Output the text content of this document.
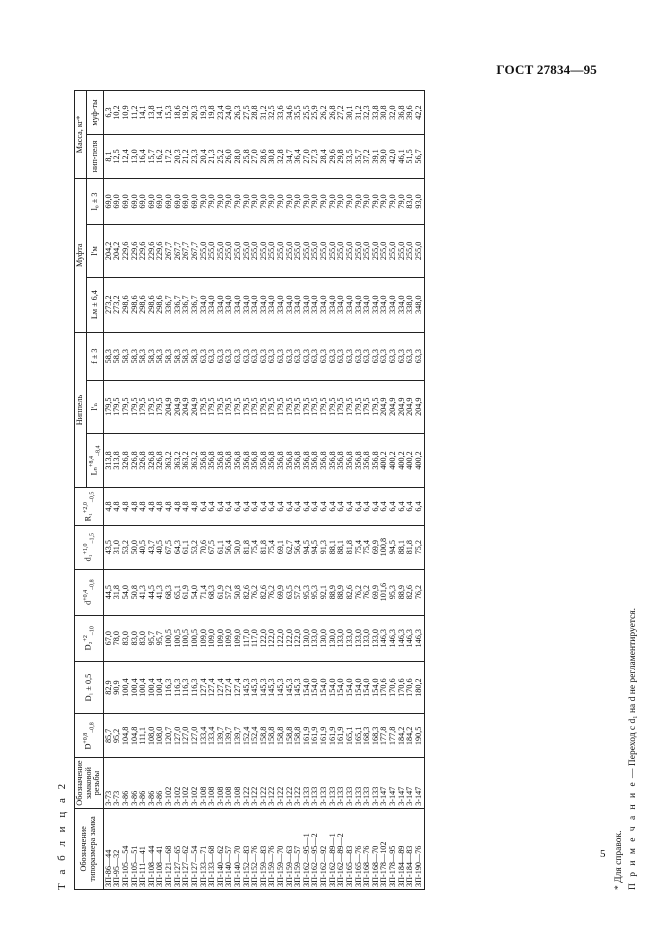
ГОСТ 27834—95
Т а б л и ц а 2 Обозначение типоразмера замка	Обозначение замковой резьбы	$D^{+0,8}_{-0,8}$	D₁ ± 0,5	D₂$^{+2}_{-10}$	$d^{+0,4}_{-0,8}$	d₁$^{+1,0}_{-1,5}$	R₁$^{+2,0}_{-0,5}$	Ниппель			Муфта			Масса, кг*	
								Lₙ$^{+8,4}_{-8,4}$	l′ₙ	f ± 3	Lм ± 6,4	l′м	l₀ ± 3	нип-пеля	муф-ты
ЗП-86—44	3-73	85,7	82,9	67,0	44,5	43,5	4,8	313,8	179,5	58,3	273,2	204,2	69,0	8,1	6,3
ЗП-95—32	3-73	95,2	90,9	78,0	31,8	31,0	4,8	313,8	179,5	58,3	273,2	204,2	69,0	12,5	10,2
ЗП-105—54	3-86	104,8	100,4	83,0	54,0	53,2	4,8	326,8	179,5	58,3	298,6	229,6	69,0	12,4	10,9
ЗП-105—51	3-86	104,8	100,4	83,0	50,8	50,0	4,8	326,8	179,5	58,3	298,6	229,6	69,0	13,0	11,2
ЗП-111—41	3-86	111,1	100,4	83,0	41,3	40,5	4,8	326,8	179,5	58,3	298,6	229,6	69,0	16,4	14,1
ЗП-108—44	3-86	108,0	100,4	95,7	44,5	43,7	4,8	326,8	179,5	58,3	298,6	229,6	69,0	15,7	13,8
ЗП-108—41	3-86	108,0	100,4	95,7	41,3	40,5	4,8	326,8	179,5	58,3	298,6	229,6	69,0	16,2	14,1
ЗП-121—68	3-102	120,7	116,3	100,5	68,3	67,5	4,8	363,2	204,9	58,3	336,7	267,7	69,0	17,2	15,3
ЗП-127—65	3-102	127,0	116,3	100,5	65,1	64,3	4,8	363,2	204,9	58,3	336,7	267,7	69,0	20,3	18,6
ЗП-127—62	3-102	127,0	116,3	100,5	61,9	61,1	4,8	363,2	204,9	58,3	336,7	267,7	69,0	21,2	19,2
ЗП-127—54	3-102	127,0	116,3	100,5	54,0	53,2	4,8	363,2	204,9	58,3	336,7	267,7	69,0	23,3	20,3
ЗП-133—71	3-108	133,4	127,4	109,0	71,4	70,6	6,4	356,8	179,5	63,3	334,0	255,0	79,0	20,4	19,3
ЗП-133—68	3-108	133,4	127,4	109,0	68,3	67,5	6,4	356,8	179,5	63,3	334,0	255,0	79,0	21,3	19,8
ЗП-140—62	3-108	139,7	127,4	109,0	61,9	61,1	6,4	356,8	179,5	63,3	334,0	255,0	79,0	25,2	23,4
ЗП-140—57	3-108	139,7	127,4	109,0	57,2	56,4	6,4	356,8	179,5	63,3	334,0	255,0	79,0	26,0	24,0
ЗП-140—70	3-108	139,7	127,4	109,0	50,8	50,0	6,4	356,8	179,5	63,3	334,0	255,0	79,0	28,0	26,3
ЗП-152—83	3-122	152,4	145,3	117,0	82,6	81,8	6,4	356,8	179,5	63,3	334,0	255,0	79,0	25,8	27,5
ЗП-152—76	3-122	152,4	145,3	117,0	76,2	75,4	6,4	356,8	179,5	63,3	334,0	255,0	79,0	27,0	28,8
ЗП-159—83	3-122	158,8	145,3	122,0	82,6	81,8	6,4	356,8	179,5	63,3	334,0	255,0	79,0	28,6	31,2
ЗП-159—76	3-122	158,8	145,3	122,0	76,2	75,4	6,4	356,8	179,5	63,3	334,0	255,0	79,0	30,8	32,5
ЗП-159—70	3-122	158,8	145,3	122,0	69,9	69,1	6,4	356,8	179,5	63,3	334,0	255,0	79,0	32,8	33,6
ЗП-159—63	3-122	158,8	145,3	122,0	63,5	62,7	6,4	356,8	179,5	63,3	334,0	255,0	79,0	34,7	34,6
ЗП-159—57	3-122	158,8	145,3	122,0	57,2	56,4	6,4	356,8	179,5	63,3	334,0	255,0	79,0	36,4	35,5
ЗП-162—95—1	3-133	161,9	154,0	130,0	95,3	94,5	6,4	356,8	179,5	63,3	334,0	255,0	79,0	27,0	25,5
ЗП-162—95—2	3-133	161,9	154,0	133,0	95,3	94,5	6,4	356,8	179,5	63,3	334,0	255,0	79,0	27,3	25,9
ЗП-162—92	3-133	161,9	154,0	130,0	92,1	91,3	6,4	356,8	179,5	63,3	334,0	255,0	79,0	28,4	26,2
ЗП-162—89—1	3-133	161,9	154,0	130,0	88,9	88,1	6,4	356,8	179,5	63,3	334,0	255,0	79,0	29,6	26,8
ЗП-162—89—2	3-133	161,9	154,0	133,0	88,9	88,1	6,4	356,8	179,5	63,3	334,0	255,0	79,0	29,8	27,2
ЗП-165—83	3-133	165,1	154,0	133,0	82,6	81,8	6,4	356,8	179,5	63,3	334,0	255,0	79,0	33,5	30,1
ЗП-165—76	3-133	165,1	154,0	133,0	76,2	75,4	6,4	356,8	179,5	63,3	334,0	255,0	79,0	35,7	31,2
ЗП-168—76	3-133	168,3	154,0	133,0	76,2	75,4	6,4	356,8	179,5	63,3	334,0	255,0	79,0	37,2	32,3
ЗП-168—70	3-133	168,3	154,0	133,0	69,9	69,9	6,4	356,8	179,5	63,3	334,0	255,0	79,0	39,1	33,8
ЗП-178—102	3-147	177,8	170,6	146,3	101,6	100,8	6,4	400,2	204,9	63,3	334,0	255,0	79,0	39,0	30,8
ЗП-178—95	3-147	177,8	170,6	146,3	95,3	94,5	6,4	400,2	204,9	63,3	334,0	255,0	79,0	42,0	32,0
ЗП-184—89	3-147	184,2	170,6	146,3	88,9	88,1	6,4	400,2	204,9	63,3	334,0	255,0	79,0	46,1	36,8
ЗП-184—83	3-147	184,2	170,6	146,3	82,6	81,8	6,4	400,2	204,9	63,3	338,0	255,0	83,0	51,5	39,6
ЗП-190—76	3-147	190,5	180,2	146,3	76,2	75,2	6,4	400,2	204,9	63,3	348,0	255,0	93,0	56,7	42,2
* Для справок. П р и м е ч а н и е — Переход с d₁ на d не регламентируется.
5
